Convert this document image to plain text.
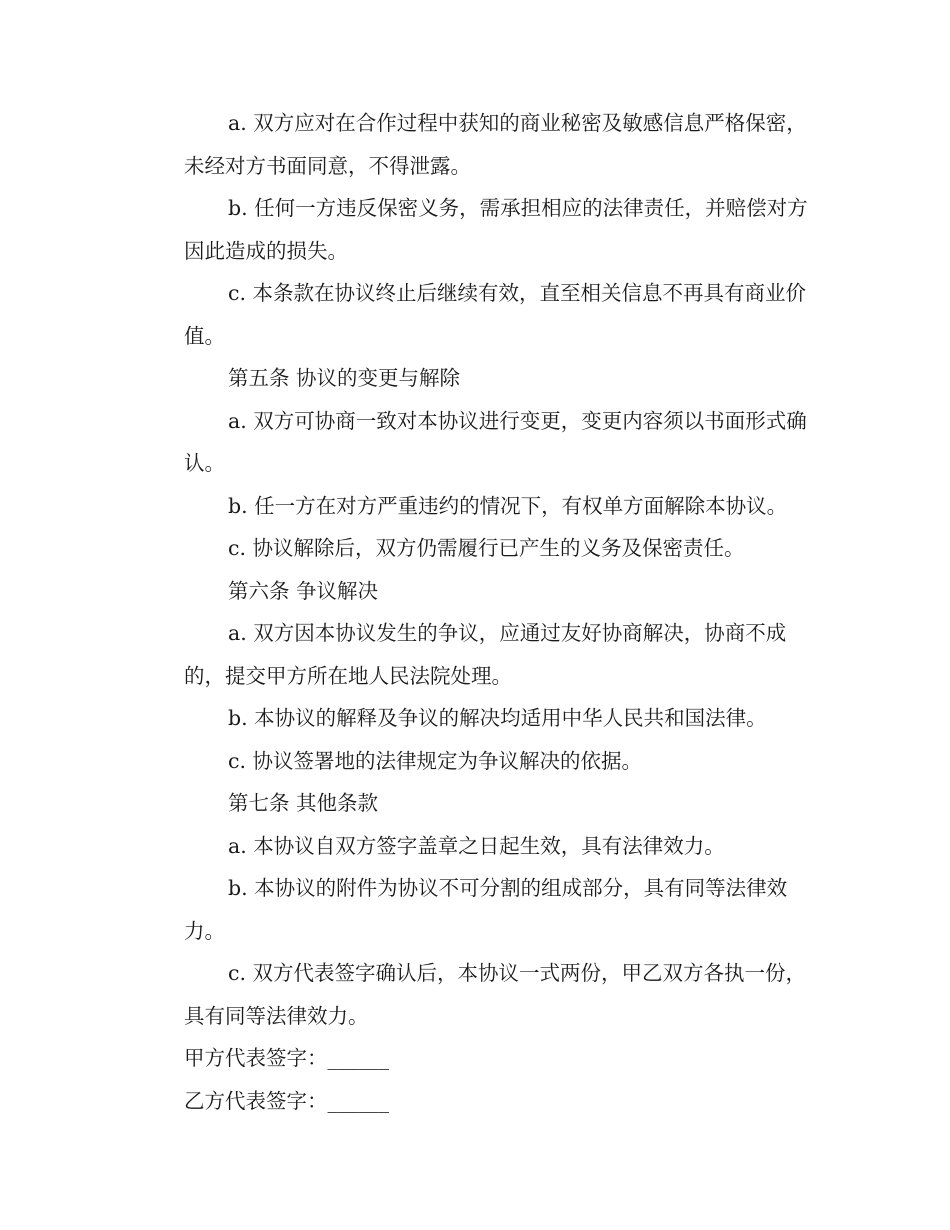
a. 双方应对在合作过程中获知的商业秘密及敏感信息严格保密，
未经对方书面同意，不得泄露。
b. 任何一方违反保密义务，需承担相应的法律责任，并赔偿对方
因此造成的损失。
c. 本条款在协议终止后继续有效，直至相关信息不再具有商业价
值。
第五条 协议的变更与解除
a. 双方可协商一致对本协议进行变更，变更内容须以书面形式确
认。
b. 任一方在对方严重违约的情况下，有权单方面解除本协议。
c. 协议解除后，双方仍需履行已产生的义务及保密责任。
第六条 争议解决
a. 双方因本协议发生的争议，应通过友好协商解决，协商不成
的，提交甲方所在地人民法院处理。
b. 本协议的解释及争议的解决均适用中华人民共和国法律。
c. 协议签署地的法律规定为争议解决的依据。
第七条 其他条款
a. 本协议自双方签字盖章之日起生效，具有法律效力。
b. 本协议的附件为协议不可分割的组成部分，具有同等法律效
力。
c. 双方代表签字确认后，本协议一式两份，甲乙双方各执一份，
具有同等法律效力。
甲方代表签字：______
乙方代表签字：______
